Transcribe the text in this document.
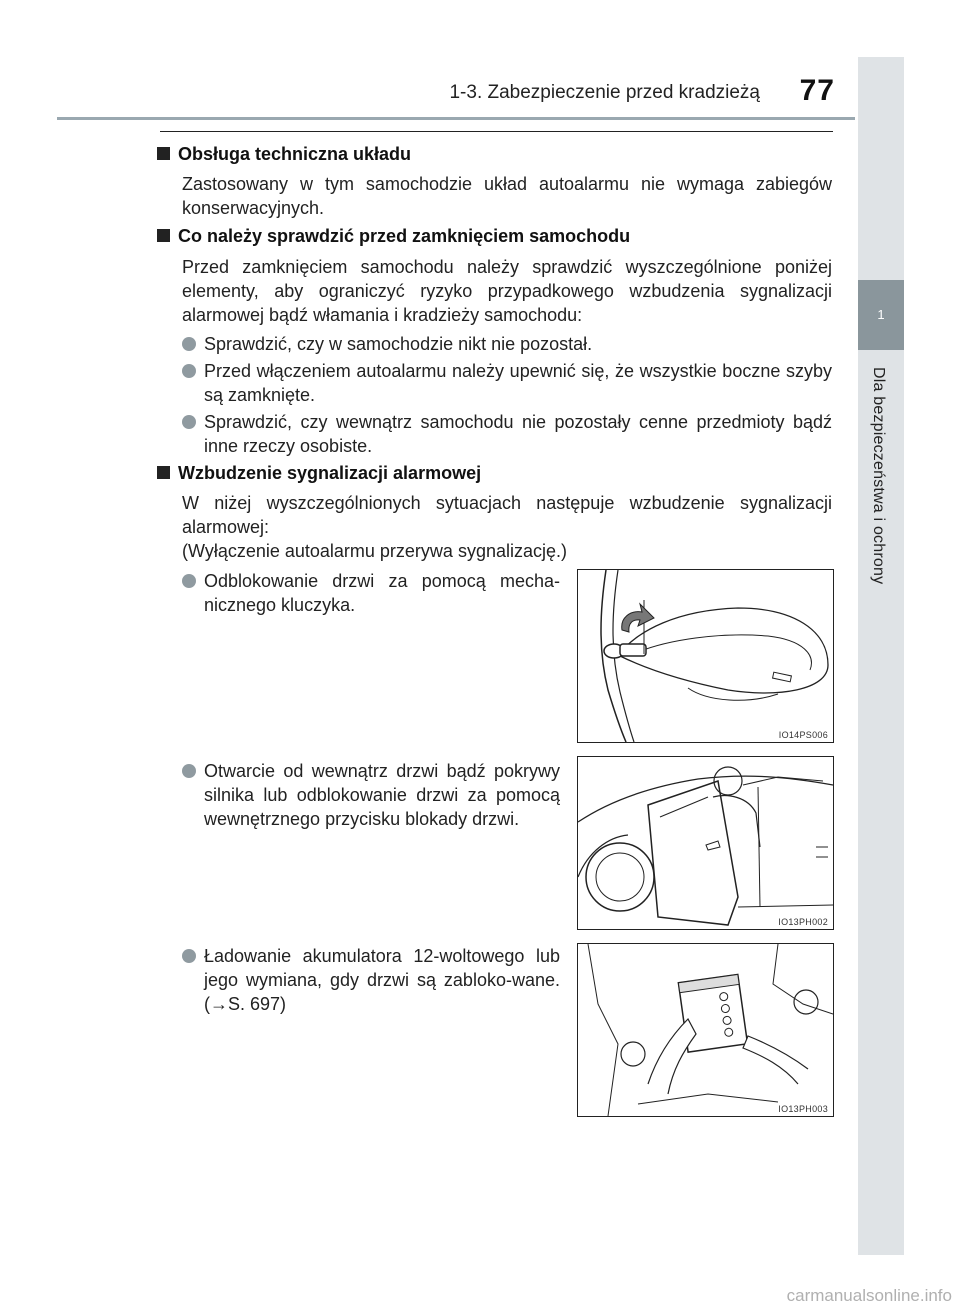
1-3. Zabezpieczenie przed kradzieżą	77
1
Dla bezpieczeństwa i ochrony
Obsługa techniczna układu
Zastosowany w tym samochodzie układ autoalarmu nie wymaga zabiegów konserwacyjnych.
Co należy sprawdzić przed zamknięciem samochodu
Przed zamknięciem samochodu należy sprawdzić wyszczególnione poniżej elementy, aby ograniczyć ryzyko przypadkowego wzbudzenia sygnalizacji alarmowej bądź włamania i kradzieży samochodu:
Sprawdzić, czy w samochodzie nikt nie pozostał.
Przed włączeniem autoalarmu należy upewnić się, że wszystkie boczne szyby są zamknięte.
Sprawdzić, czy wewnątrz samochodu nie pozostały cenne przedmioty bądź inne rzeczy osobiste.
Wzbudzenie sygnalizacji alarmowej
W niżej wyszczególnionych sytuacjach następuje wzbudzenie sygnalizacji alarmowej:
(Wyłączenie autoalarmu przerywa sygnalizację.)
Odblokowanie drzwi za pomocą mecha-nicznego kluczyka.
Otwarcie od wewnątrz drzwi bądź pokrywy silnika lub odblokowanie drzwi za pomocą wewnętrznego przycisku blokady drzwi.
Ładowanie akumulatora 12-woltowego lub jego wymiana, gdy drzwi są zabloko-wane. (→S. 697)
IO14PS006
IO13PH002
IO13PH003
carmanualsonline.info
